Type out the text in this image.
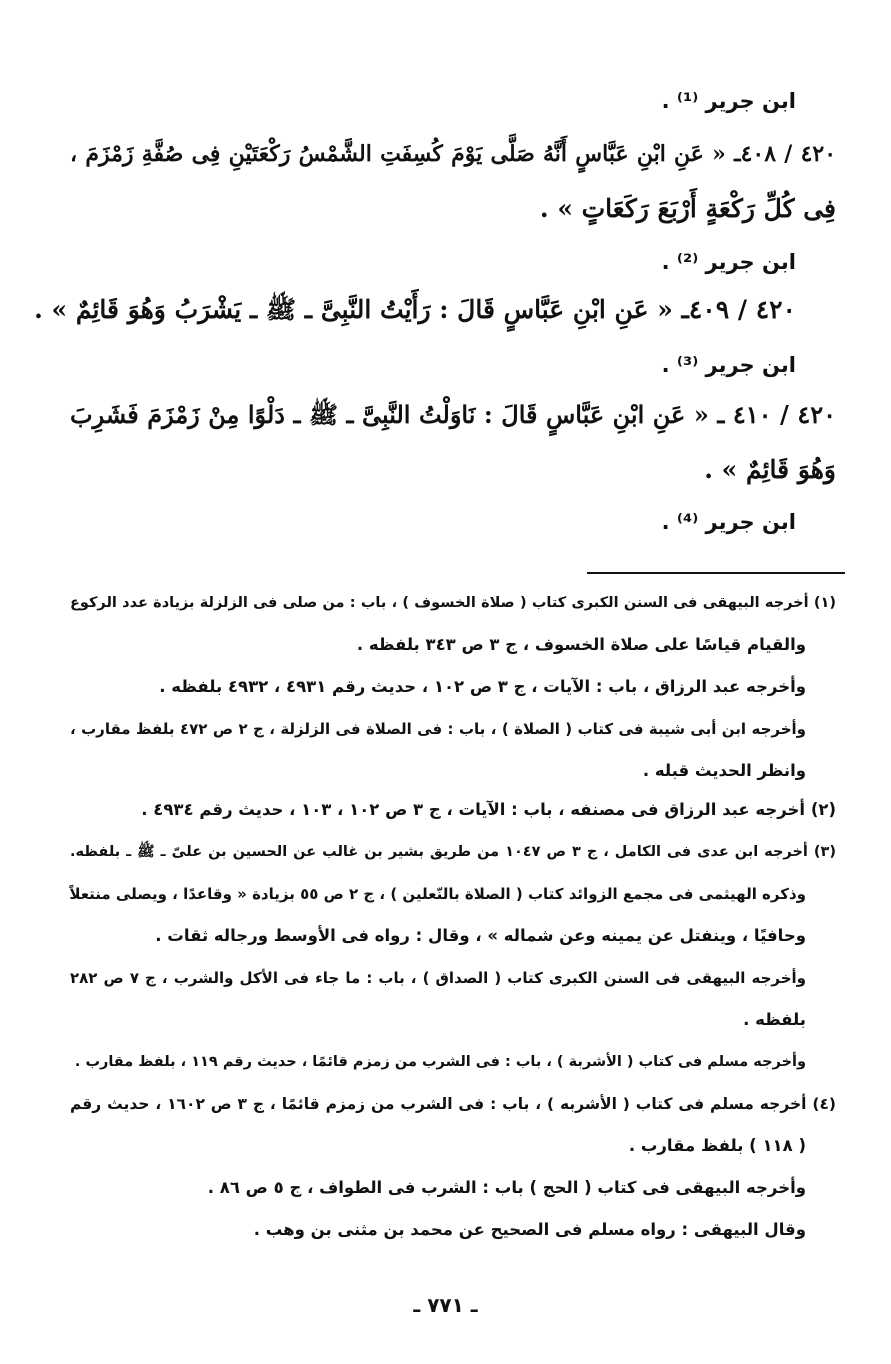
ابن جرير ⁽¹⁾ .
٤٢٠ / ٤٠٨ـ « عَنِ ابْنِ عَبَّاسٍ أَنَّهُ صَلَّى يَوْمَ كُسِفَتِ الشَّمْسُ رَكْعَتَيْنِ فِى صُفَّةِ زَمْزَمَ ،
فِى كُلِّ رَكْعَةٍ أَرْبَعَ رَكَعَاتٍ » .
ابن جرير ⁽²⁾ .
٤٢٠ / ٤٠٩ـ « عَنِ ابْنِ عَبَّاسٍ قَالَ : رَأَيْتُ النَّبِىَّ ـ ﷺ ـ يَشْرَبُ وَهُوَ قَائِمٌ » .
ابن جرير ⁽³⁾ .
٤٢٠ / ٤١٠ ـ « عَنِ ابْنِ عَبَّاسٍ قَالَ : نَاوَلْتُ النَّبِىَّ ـ ﷺ ـ دَلْوًا مِنْ زَمْزَمَ فَشَرِبَ
وَهُوَ قَائِمٌ » .
ابن جرير ⁽⁴⁾ .
(١) أخرجه البيهقى فى السنن الكبرى كتاب ( صلاة الخسوف ) ، باب : من صلى فى الزلزلة بزيادة عدد الركوع
والقيام قياسًا على صلاة الخسوف ، ج ٣ ص ٣٤٣ بلفظه .
وأخرجه عبد الرزاق ، باب : الآيات ، ج ٣ ص ١٠٢ ، حديث رقم ٤٩٣١ ، ٤٩٣٢ بلفظه .
وأخرجه ابن أبى شيبة فى كتاب ( الصلاة ) ، باب : فى الصلاة فى الزلزلة ، ج ٢ ص ٤٧٢ بلفظ مقارب ،
وانظر الحديث قبله .
(٢) أخرجه عبد الرزاق فى مصنفه ، باب : الآيات ، ج ٣ ص ١٠٢ ، ١٠٣ ، حديث رقم ٤٩٣٤ .
(٣) أخرجه ابن عدى فى الكامل ، ج ٣ ص ١٠٤٧ من طريق بشير بن غالب عن الحسين بن علىّ ـ ﷺ ـ بلفظه.
وذكره الهيثمى فى مجمع الزوائد كتاب ( الصلاة بالنّعلين ) ، ج ٢ ص ٥٥ بزيادة « وقاعدًا ، ويصلى منتعلاً
وحافيًا ، وينفتل عن يمينه وعن شماله » ، وقال : رواه فى الأوسط ورجاله ثقات .
وأخرجه البيهقى فى السنن الكبرى كتاب ( الصداق ) ، باب : ما جاء فى الأكل والشرب ، ج ٧ ص ٢٨٢
بلفظه .
وأخرجه مسلم فى كتاب ( الأشربة ) ، باب : فى الشرب من زمزم قائمًا ، حديث رقم ١١٩ ، بلفظ مقارب .
(٤) أخرجه مسلم فى كتاب ( الأشربه ) ، باب : فى الشرب من زمزم قائمًا ، ج ٣ ص ١٦٠٢ ، حديث رقم
( ١١٨ ) بلفظ مقارب .
وأخرجه البيهقى فى كتاب ( الحج ) باب : الشرب فى الطواف ، ج ٥ ص ٨٦ .
وقال البيهقى : رواه مسلم فى الصحيح عن محمد بن مثنى بن وهب .
ـ ٧٧١ ـ
